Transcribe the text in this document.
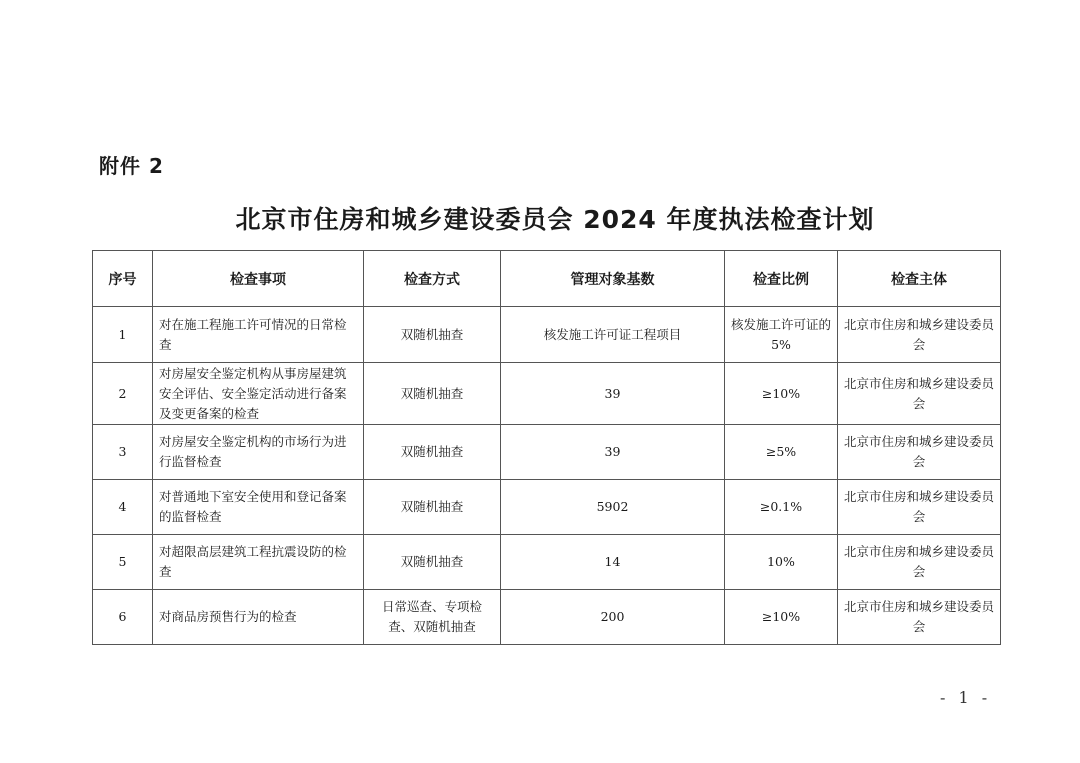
附件 2
北京市住房和城乡建设委员会 2024 年度执法检查计划
序号	检查事项	检查方式	管理对象基数	检查比例	检查主体
1	对在施工程施工许可情况的日常检查	双随机抽查	核发施工许可证工程项目	核发施工许可证的 5%	北京市住房和城乡建设委员会
2	对房屋安全鉴定机构从事房屋建筑安全评估、安全鉴定活动进行备案及变更备案的检查	双随机抽查	39	≥10%	北京市住房和城乡建设委员会
3	对房屋安全鉴定机构的市场行为进行监督检查	双随机抽查	39	≥5%	北京市住房和城乡建设委员会
4	对普通地下室安全使用和登记备案的监督检查	双随机抽查	5902	≥0.1%	北京市住房和城乡建设委员会
5	对超限高层建筑工程抗震设防的检查	双随机抽查	14	10%	北京市住房和城乡建设委员会
6	对商品房预售行为的检查	日常巡查、专项检查、双随机抽查	200	≥10%	北京市住房和城乡建设委员会
- 1 -
